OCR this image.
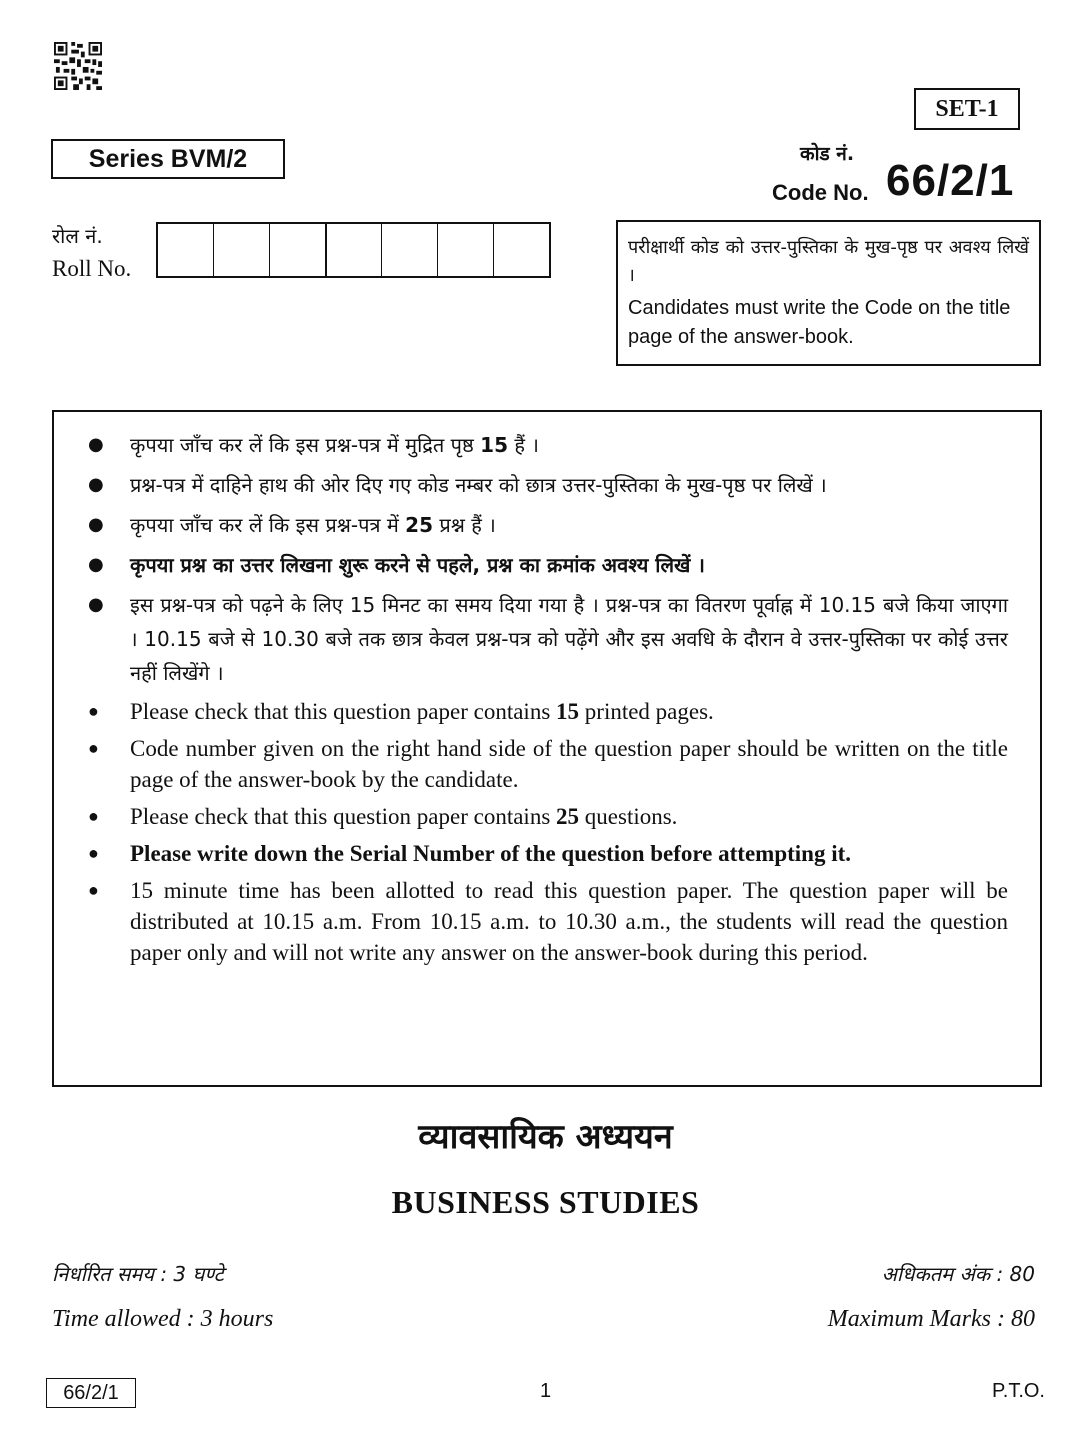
SET-1
Series BVM/2	कोड नं.
Code No. 66/2/1
रोल नं.
Roll No.
परीक्षार्थी कोड को उत्तर-पुस्तिका के मुख-पृष्ठ पर अवश्य लिखें ।
Candidates must write the Code on the title page of the answer-book.
● कृपया जाँच कर लें कि इस प्रश्न-पत्र में मुद्रित पृष्ठ 15 हैं ।
● प्रश्न-पत्र में दाहिने हाथ की ओर दिए गए कोड नम्बर को छात्र उत्तर-पुस्तिका के मुख-पृष्ठ पर लिखें ।
● कृपया जाँच कर लें कि इस प्रश्न-पत्र में 25 प्रश्न हैं ।
● कृपया प्रश्न का उत्तर लिखना शुरू करने से पहले, प्रश्न का क्रमांक अवश्य लिखें ।
● इस प्रश्न-पत्र को पढ़ने के लिए 15 मिनट का समय दिया गया है । प्रश्न-पत्र का वितरण पूर्वाह्न में 10.15 बजे किया जाएगा । 10.15 बजे से 10.30 बजे तक छात्र केवल प्रश्न-पत्र को पढ़ेंगे और इस अवधि के दौरान वे उत्तर-पुस्तिका पर कोई उत्तर नहीं लिखेंगे ।
● Please check that this question paper contains 15 printed pages.
● Code number given on the right hand side of the question paper should be written on the title page of the answer-book by the candidate.
● Please check that this question paper contains 25 questions.
● Please write down the Serial Number of the question before attempting it.
● 15 minute time has been allotted to read this question paper. The question paper will be distributed at 10.15 a.m. From 10.15 a.m. to 10.30 a.m., the students will read the question paper only and will not write any answer on the answer-book during this period.
व्यावसायिक अध्ययन
BUSINESS STUDIES
निर्धारित समय : 3 घण्टे
Time allowed : 3 hours
अधिकतम अंक : 80
Maximum Marks : 80
66/2/1	1	P.T.O.
